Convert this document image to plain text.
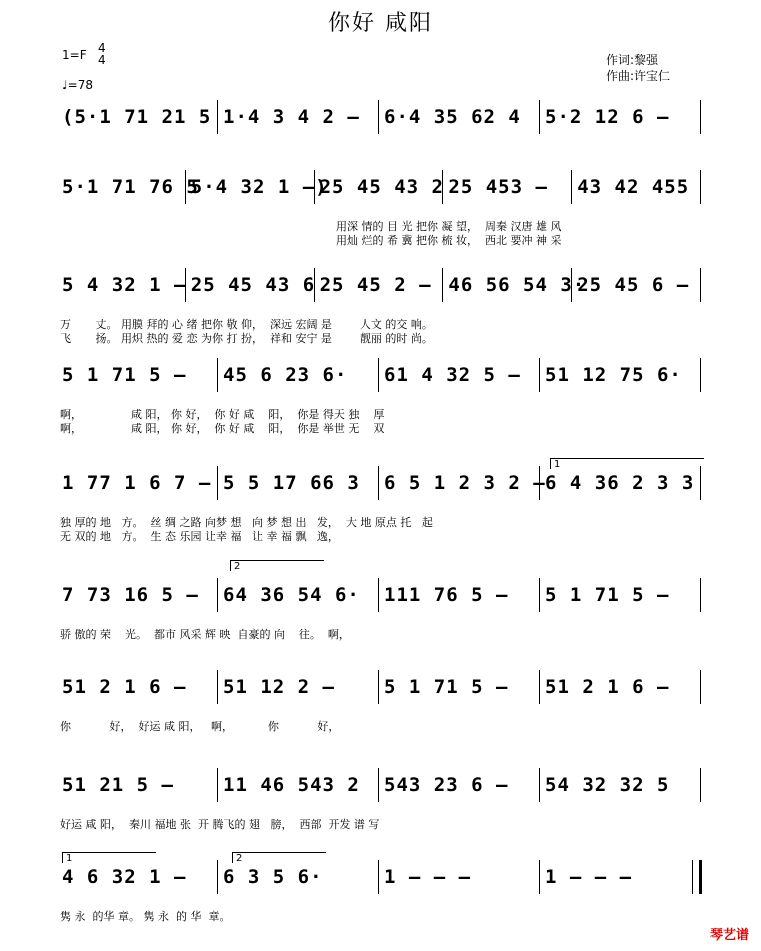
你好 咸阳
1=F 4
4
♩=78
作词:黎强
作曲:许宝仁
(5·1 71 21 5 1·4 3 4 2 – 6·4 35 62 4 5·2 12 6 –
5·1 71 76 5
5·4 32 1 –)
25 45 43 2 25 453 – 43 42 455
用深 情的 目 光 把你 凝 望，  周秦 汉唐 雄 风
用灿 烂的 希 冀 把你 梳 妆，  西北 要冲 神 采
5 4 32 1 – 25 45 43 6 25 45 2 – 46 56 54 3·
25 45 6 –
万       丈。 用膜 拜的 心 绪 把你 敬 仰，  深远 宏阔 是        人文 的交 响。
飞       扬。 用炽 热的 爱 恋 为你 打 扮，  祥和 安宁 是        靓丽 的时 尚。
5 1 71 5 – 45 6 23 6· 61 4 32 5 – 51 12 75 6·
啊，              咸 阳， 你 好，  你 好 咸    阳，  你是 得天 独    厚
啊，              咸 阳， 你 好，  你 好 咸    阳，  你是 举世 无    双
1 77 1 6 7 – 5 5 17 66 3 6 5 1 2 3 2 – 6 4 36 2 3 3
独 厚的 地   方。  丝 绸 之路 向梦 想   向 梦 想 出   发，  大 地 原点 托   起
无 双的 地   方。  生 态 乐园 让幸 福   让 幸 福 飘   逸，
7 73 16 5 – 64 36 54 6· 111 76 5 – 5 1 71 5 –
骄 傲的 荣    光。  都市 风采 辉 映  自豪的 向    往。  啊，
51 2 1 6 – 51 12 2 –	5 1 71 5 – 51 2 1 6 –
你           好，  好运 咸 阳，   啊，          你           好，
51 21 5 –	11 46 543 2 543 23 6 – 54 32 32 5
好运 咸 阳，  秦川 福地 张  开 腾飞的 翅   膀，  西部  开发 谱 写
4 6 32 1 – 6 3 5 6·	1 – – –	1 – – –
隽 永  的华 章。 隽 永  的 华  章。
琴艺谱
1
2
1	2
